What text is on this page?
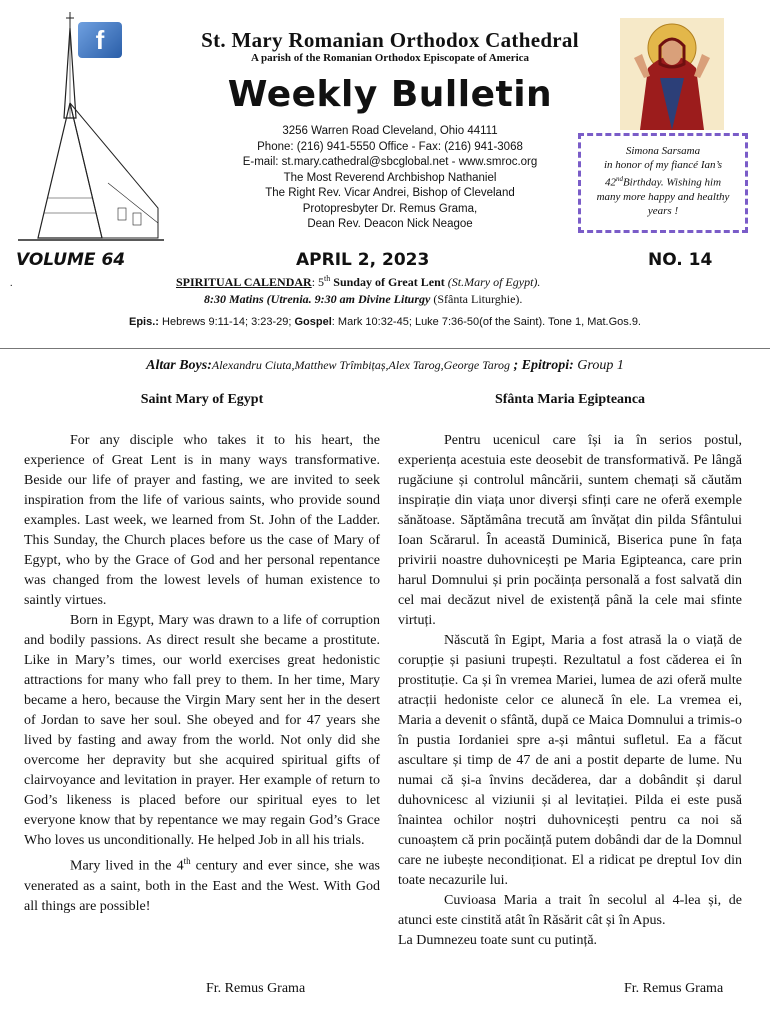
f	St. Mary Romanian Orthodox Cathedral
A parish of the Romanian Orthodox Episcopate of America
Weekly Bulletin
3256 Warren Road Cleveland, Ohio 44111
Phone: (216) 941-5550 Office - Fax: (216) 941-3068
E-mail: st.mary.cathedral@sbcglobal.net - www.smroc.org
The Most Reverend Archbishop Nathaniel
The Right Rev. Vicar Andrei, Bishop of Cleveland
Protopresbyter Dr. Remus Grama,
Dean Rev. Deacon Nick Neagoe
Simona Sarsama
in honor of my fiancé Ian’s
42ndBirthday. Wishing him
many more happy and healthy
years !
VOLUME 64	APRIL 2, 2023	NO. 14
.	SPIRITUAL CALENDAR: 5th Sunday of Great Lent (St.Mary of Egypt).
8:30 Matins (Utrenia. 9:30 am Divine Liturgy (Sfânta Liturghie).
Epis.: Hebrews 9:11-14; 3:23-29; Gospel: Mark 10:32-45; Luke 7:36-50(of the Saint). Tone 1, Mat.Gos.9.
Altar Boys:Alexandru Ciuta,Matthew Trîmbițaș,Alex Tarog,George Tarog ; Epitropi: Group 1
Saint Mary of Egypt

For any disciple who takes it to his heart, the experience of Great Lent is in many ways transformative. Beside our life of prayer and fasting, we are invited to seek inspiration from the life of various saints, who provide sound examples. Last week, we learned from St. John of the Ladder. This Sunday, the Church places before us the case of Mary of Egypt, who by the Grace of God and her personal repentance was changed from the lowest levels of human existence to saintly virtues.

Born in Egypt, Mary was drawn to a life of corruption and bodily passions. As direct result she became a prostitute. Like in Mary’s times, our world exercises great hedonistic attractions for many who fall prey to them. In her time, Mary became a hero, because the Virgin Mary sent her in the desert of Jordan to save her soul. She obeyed and for 47 years she lived by fasting and away from the world. Not only did she overcome her depravity but she acquired spiritual gifts of clairvoyance and levitation in prayer. Her example of return to God’s likeness is placed before our spiritual eyes to let everyone know that by repentance we may regain God’s Grace Who loves us unconditionally. He helped Job in all his trials.

Mary lived in the 4th century and ever since, she was venerated as a saint, both in the East and the West. With God all things are possible!

Fr. Remus Grama
Sfânta Maria Egipteanca

Pentru ucenicul care își ia în serios postul, experiența acestuia este deosebit de transformativă. Pe lângă rugăciune și controlul mâncării, suntem chemați să căutăm inspirație din viața unor diverși sfinți care ne oferă exemple sănătoase. Săptămâna trecută am învățat din pilda Sfântului Ioan Scărarul. În această Duminică, Biserica pune în fața privirii noastre duhovnicești pe Maria Egipteanca, care prin harul Domnului și prin pocăința personală a fost salvată din cel mai decăzut nivel de existență până la cele mai sfinte virtuți.

Născută în Egipt, Maria a fost atrasă la o viață de corupție și pasiuni trupești. Rezultatul a fost căderea ei în prostituție. Ca și în vremea Mariei, lumea de azi oferă multe atracții hedoniste celor ce alunecă în ele. La vremea ei, Maria a devenit o sfântă, după ce Maica Domnului a trimis-o în pustia Iordaniei spre a-și mântui sufletul. Ea a făcut ascultare și timp de 47 de ani a postit departe de lume. Nu numai că și-a învins decăderea, dar a dobândit și darul duhovnicesc al viziunii și al levitației. Pilda ei este pusă înaintea ochilor noștri duhovnicești pentru ca noi să cunoaștem că prin pocăință putem dobândi dar de la Domnul care ne iubește necondiționat. El a ridicat pe dreptul Iov din toate necazurile lui.

Cuvioasa Maria a trait în secolul al 4-lea și, de atunci este cinstită atât în Răsărit cât și în Apus.

La Dumnezeu toate sunt cu putință.

Fr. Remus Grama
